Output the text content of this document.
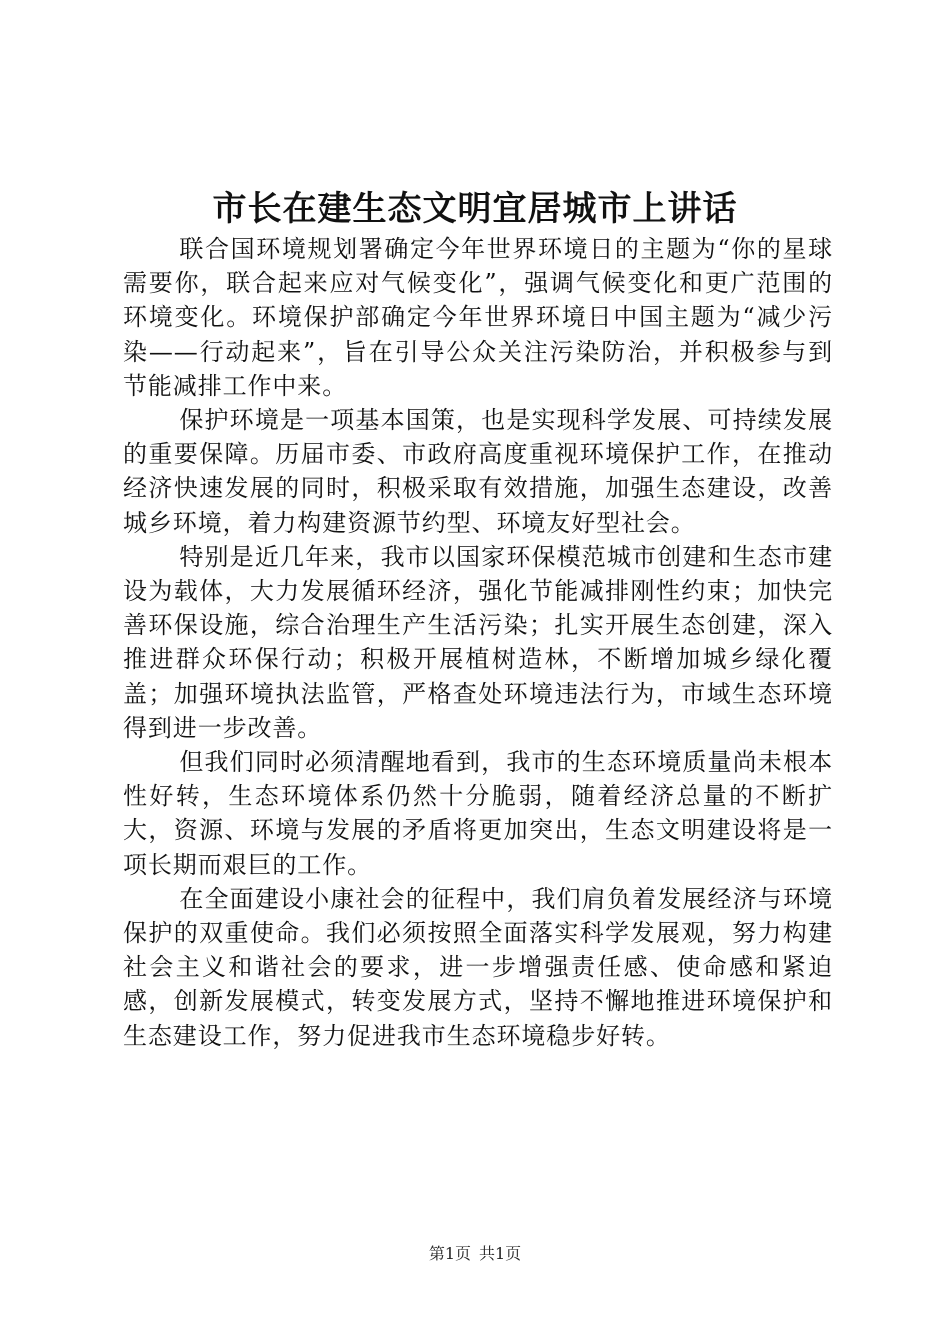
市长在建生态文明宜居城市上讲话

联合国环境规划署确定今年世界环境日的主题为“你的星球需要你，联合起来应对气候变化”，强调气候变化和更广范围的环境变化。环境保护部确定今年世界环境日中国主题为“减少污染——行动起来”，旨在引导公众关注污染防治，并积极参与到节能减排工作中来。

保护环境是一项基本国策，也是实现科学发展、可持续发展的重要保障。历届市委、市政府高度重视环境保护工作，在推动经济快速发展的同时，积极采取有效措施，加强生态建设，改善城乡环境，着力构建资源节约型、环境友好型社会。

特别是近几年来，我市以国家环保模范城市创建和生态市建设为载体，大力发展循环经济，强化节能减排刚性约束；加快完善环保设施，综合治理生产生活污染；扎实开展生态创建，深入推进群众环保行动；积极开展植树造林，不断增加城乡绿化覆盖；加强环境执法监管，严格查处环境违法行为，市域生态环境得到进一步改善。

但我们同时必须清醒地看到，我市的生态环境质量尚未根本性好转，生态环境体系仍然十分脆弱，随着经济总量的不断扩大，资源、环境与发展的矛盾将更加突出，生态文明建设将是一项长期而艰巨的工作。

在全面建设小康社会的征程中，我们肩负着发展经济与环境保护的双重使命。我们必须按照全面落实科学发展观，努力构建社会主义和谐社会的要求，进一步增强责任感、使命感和紧迫感，创新发展模式，转变发展方式，坚持不懈地推进环境保护和生态建设工作，努力促进我市生态环境稳步好转。

第1页 共1页
